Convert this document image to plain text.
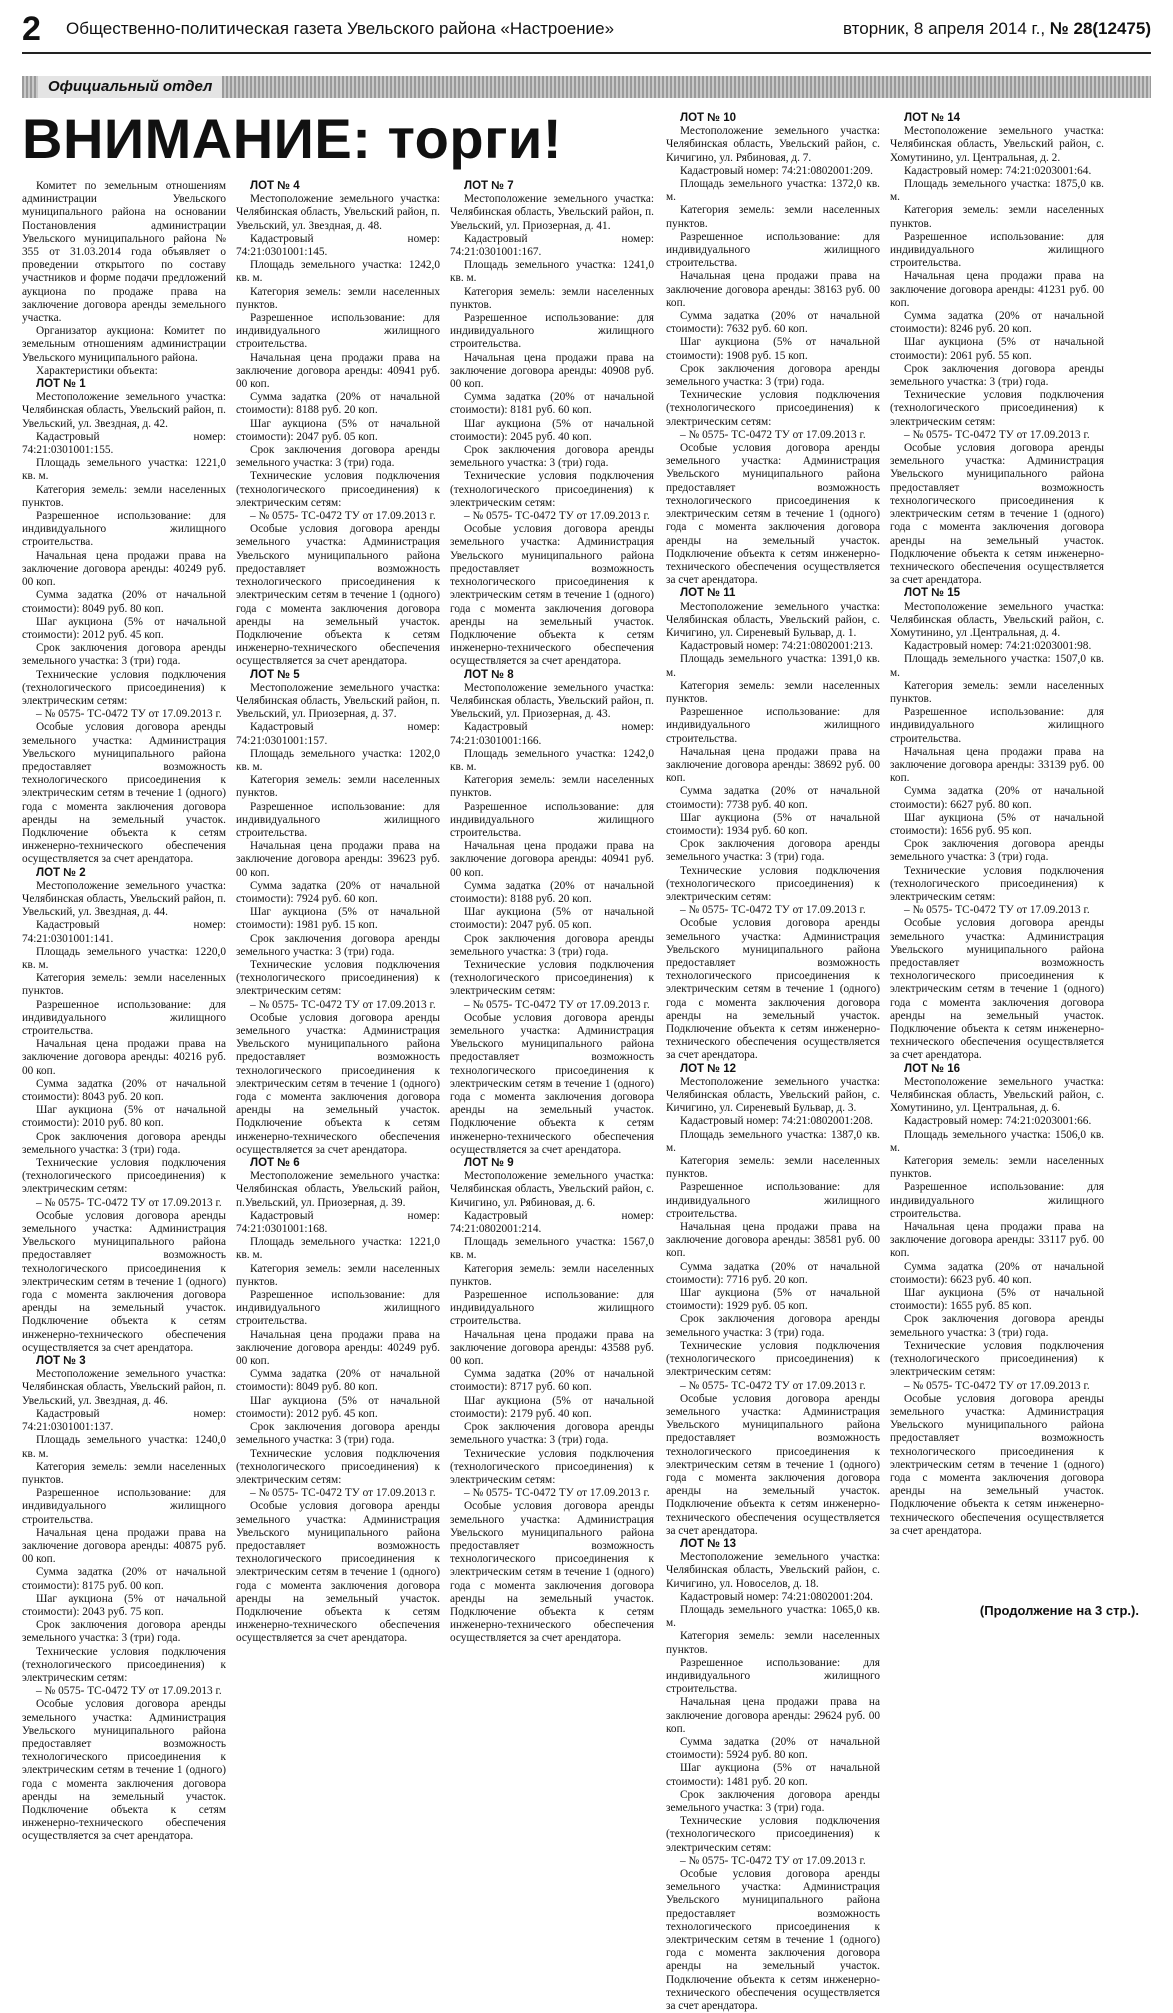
2	Общественно-политическая газета Увельского района «Настроение»	вторник, 8 апреля 2014 г., № 28(12475)
Официальный отдел
ВНИМАНИЕ: торги!

Комитет по земельным отношениям администрации Увельского муниципального района на основании Постановления администрации Увельского муниципального района № 355 от 31.03.2014 года объявляет о проведении открытого по составу участников и форме подачи предложений аукциона по продаже права на заключение договора аренды земельного участка.

Организатор аукциона: Комитет по земельным отношениям администрации Увельского муниципального района.

Характеристики объекта:

ЛОТ № 1

Местоположение земельного участка: Челябинская область, Увельский район, п. Увельский, ул. Звездная, д. 42.

Кадастровый номер: 74:21:0301001:155.

Площадь земельного участка: 1221,0 кв. м.

Категория земель: земли населенных пунктов.

Разрешенное использование: для индивидуального жилищного строительства.

Начальная цена продажи права на заключение договора аренды: 40249 руб. 00 коп.

Сумма задатка (20% от начальной стоимости): 8049 руб. 80 коп.

Шаг аукциона (5% от начальной стоимости): 2012 руб. 45 коп.

Срок заключения договора аренды земельного участка: 3 (три) года.

Технические условия подключения (технологического присоединения) к электрическим сетям:

– № 0575- ТС-0472 ТУ от 17.09.2013 г.

Особые условия договора аренды земельного участка: Администрация Увельского муниципального района предоставляет возможность технологического присоединения к электрическим сетям в течение 1 (одного) года с момента заключения договора аренды на земельный участок. Подключение объекта к сетям инженерно-технического обеспечения осуществляется за счет арендатора.

ЛОТ № 2

Местоположение земельного участка: Челябинская область, Увельский район, п. Увельский, ул. Звездная, д. 44.

Кадастровый номер: 74:21:0301001:141.

Площадь земельного участка: 1220,0 кв. м.

Категория земель: земли населенных пунктов.

Разрешенное использование: для индивидуального жилищного строительства.

Начальная цена продажи права на заключение договора аренды: 40216 руб. 00 коп.

Сумма задатка (20% от начальной стоимости): 8043 руб. 20 коп.

Шаг аукциона (5% от начальной стоимости): 2010 руб. 80 коп.

Срок заключения договора аренды земельного участка: 3 (три) года.

Технические условия подключения (технологического присоединения) к электрическим сетям:

– № 0575- ТС-0472 ТУ от 17.09.2013 г.

Особые условия договора аренды земельного участка: Администрация Увельского муниципального района предоставляет возможность технологического присоединения к электрическим сетям в течение 1 (одного) года с момента заключения договора аренды на земельный участок. Подключение объекта к сетям инженерно-технического обеспечения осуществляется за счет арендатора.

ЛОТ № 3

Местоположение земельного участка: Челябинская область, Увельский район, п. Увельский, ул. Звездная, д. 46.

Кадастровый номер: 74:21:0301001:137.

Площадь земельного участка: 1240,0 кв. м.

Категория земель: земли населенных пунктов.

Разрешенное использование: для индивидуального жилищного строительства.

Начальная цена продажи права на заключение договора аренды: 40875 руб. 00 коп.

Сумма задатка (20% от начальной стоимости): 8175 руб. 00 коп.

Шаг аукциона (5% от начальной стоимости): 2043 руб. 75 коп.

Срок заключения договора аренды земельного участка: 3 (три) года.

Технические условия подключения (технологического присоединения) к электрическим сетям:

– № 0575- ТС-0472 ТУ от 17.09.2013 г.

Особые условия договора аренды земельного участка: Администрация Увельского муниципального района предоставляет возможность технологического присоединения к электрическим сетям в течение 1 (одного) года с момента заключения договора аренды на земельный участок. Подключение объекта к сетям инженерно-технического обеспечения осуществляется за счет арендатора.

ЛОТ № 4

Местоположение земельного участка: Челябинская область, Увельский район, п. Увельский, ул. Звездная, д. 48.

Кадастровый номер: 74:21:0301001:145.

Площадь земельного участка: 1242,0 кв. м.

Категория земель: земли населенных пунктов.

Разрешенное использование: для индивидуального жилищного строительства.

Начальная цена продажи права на заключение договора аренды: 40941 руб. 00 коп.

Сумма задатка (20% от начальной стоимости): 8188 руб. 20 коп.

Шаг аукциона (5% от начальной стоимости): 2047 руб. 05 коп.

Срок заключения договора аренды земельного участка: 3 (три) года.

Технические условия подключения (технологического присоединения) к электрическим сетям:

– № 0575- ТС-0472 ТУ от 17.09.2013 г.

Особые условия договора аренды земельного участка: Администрация Увельского муниципального района предоставляет возможность технологического присоединения к электрическим сетям в течение 1 (одного) года с момента заключения договора аренды на земельный участок. Подключение объекта к сетям инженерно-технического обеспечения осуществляется за счет арендатора.

ЛОТ № 5

Местоположение земельного участка: Челябинская область, Увельский район, п. Увельский, ул. Приозерная, д. 37.

Кадастровый номер: 74:21:0301001:157.

Площадь земельного участка: 1202,0 кв. м.

Категория земель: земли населенных пунктов.

Разрешенное использование: для индивидуального жилищного строительства.

Начальная цена продажи права на заключение договора аренды: 39623 руб. 00 коп.

Сумма задатка (20% от начальной стоимости): 7924 руб. 60 коп.

Шаг аукциона (5% от начальной стоимости): 1981 руб. 15 коп.

Срок заключения договора аренды земельного участка: 3 (три) года.

Технические условия подключения (технологического присоединения) к электрическим сетям:

– № 0575- ТС-0472 ТУ от 17.09.2013 г.

Особые условия договора аренды земельного участка: Администрация Увельского муниципального района предоставляет возможность технологического присоединения к электрическим сетям в течение 1 (одного) года с момента заключения договора аренды на земельный участок. Подключение объекта к сетям инженерно-технического обеспечения осуществляется за счет арендатора.

ЛОТ № 6

Местоположение земельного участка: Челябинская область, Увельский район, п.Увельский, ул. Приозерная, д. 39.

Кадастровый номер: 74:21:0301001:168.

Площадь земельного участка: 1221,0 кв. м.

Категория земель: земли населенных пунктов.

Разрешенное использование: для индивидуального жилищного строительства.

Начальная цена продажи права на заключение договора аренды: 40249 руб. 00 коп.

Сумма задатка (20% от начальной стоимости): 8049 руб. 80 коп.

Шаг аукциона (5% от начальной стоимости): 2012 руб. 45 коп.

Срок заключения договора аренды земельного участка: 3 (три) года.

Технические условия подключения (технологического присоединения) к электрическим сетям:

– № 0575- ТС-0472 ТУ от 17.09.2013 г.

Особые условия договора аренды земельного участка: Администрация Увельского муниципального района предоставляет возможность технологического присоединения к электрическим сетям в течение 1 (одного) года с момента заключения договора аренды на земельный участок. Подключение объекта к сетям инженерно-технического обеспечения осуществляется за счет арендатора.

ЛОТ № 7

Местоположение земельного участка: Челябинская область, Увельский район, п. Увельский, ул. Приозерная, д. 41.

Кадастровый номер: 74:21:0301001:167.

Площадь земельного участка: 1241,0 кв. м.

Категория земель: земли населенных пунктов.

Разрешенное использование: для индивидуального жилищного строительства.

Начальная цена продажи права на заключение договора аренды: 40908 руб. 00 коп.

Сумма задатка (20% от начальной стоимости): 8181 руб. 60 коп.

Шаг аукциона (5% от начальной стоимости): 2045 руб. 40 коп.

Срок заключения договора аренды земельного участка: 3 (три) года.

Технические условия подключения (технологического присоединения) к электрическим сетям:

– № 0575- ТС-0472 ТУ от 17.09.2013 г.

Особые условия договора аренды земельного участка: Администрация Увельского муниципального района предоставляет возможность технологического присоединения к электрическим сетям в течение 1 (одного) года с момента заключения договора аренды на земельный участок. Подключение объекта к сетям инженерно-технического обеспечения осуществляется за счет арендатора.

ЛОТ № 8

Местоположение земельного участка: Челябинская область, Увельский район, п. Увельский, ул. Приозерная, д. 43.

Кадастровый номер: 74:21:0301001:166.

Площадь земельного участка: 1242,0 кв. м.

Категория земель: земли населенных пунктов.

Разрешенное использование: для индивидуального жилищного строительства.

Начальная цена продажи права на заключение договора аренды: 40941 руб. 00 коп.

Сумма задатка (20% от начальной стоимости): 8188 руб. 20 коп.

Шаг аукциона (5% от начальной стоимости): 2047 руб. 05 коп.

Срок заключения договора аренды земельного участка: 3 (три) года.

Технические условия подключения (технологического присоединения) к электрическим сетям:

– № 0575- ТС-0472 ТУ от 17.09.2013 г.

Особые условия договора аренды земельного участка: Администрация Увельского муниципального района предоставляет возможность технологического присоединения к электрическим сетям в течение 1 (одного) года с момента заключения договора аренды на земельный участок. Подключение объекта к сетям инженерно-технического обеспечения осуществляется за счет арендатора.

ЛОТ № 9

Местоположение земельного участка: Челябинская область, Увельский район, с. Кичигино, ул. Рябиновая, д. 6.

Кадастровый номер: 74:21:0802001:214.

Площадь земельного участка: 1567,0 кв. м.

Категория земель: земли населенных пунктов.

Разрешенное использование: для индивидуального жилищного строительства.

Начальная цена продажи права на заключение договора аренды: 43588 руб. 00 коп.

Сумма задатка (20% от начальной стоимости): 8717 руб. 60 коп.

Шаг аукциона (5% от начальной стоимости): 2179 руб. 40 коп.

Срок заключения договора аренды земельного участка: 3 (три) года.

Технические условия подключения (технологического присоединения) к электрическим сетям:

– № 0575- ТС-0472 ТУ от 17.09.2013 г.

Особые условия договора аренды земельного участка: Администрация Увельского муниципального района предоставляет возможность технологического присоединения к электрическим сетям в течение 1 (одного) года с момента заключения договора аренды на земельный участок. Подключение объекта к сетям инженерно-технического обеспечения осуществляется за счет арендатора.

ЛОТ № 10

Местоположение земельного участка: Челябинская область, Увельский район, с. Кичигино, ул. Рябиновая, д. 7.

Кадастровый номер: 74:21:0802001:209.

Площадь земельного участка: 1372,0 кв. м.

Категория земель: земли населенных пунктов.

Разрешенное использование: для индивидуального жилищного строительства.

Начальная цена продажи права на заключение договора аренды: 38163 руб. 00 коп.

Сумма задатка (20% от начальной стоимости): 7632 руб. 60 коп.

Шаг аукциона (5% от начальной стоимости): 1908 руб. 15 коп.

Срок заключения договора аренды земельного участка: 3 (три) года.

Технические условия подключения (технологического присоединения) к электрическим сетям:

– № 0575- ТС-0472 ТУ от 17.09.2013 г.

Особые условия договора аренды земельного участка: Администрация Увельского муниципального района предоставляет возможность технологического присоединения к электрическим сетям в течение 1 (одного) года с момента заключения договора аренды на земельный участок. Подключение объекта к сетям инженерно-технического обеспечения осуществляется за счет арендатора.

ЛОТ № 11

Местоположение земельного участка: Челябинская область, Увельский район, с. Кичигино, ул. Сиреневый Бульвар, д. 1.

Кадастровый номер: 74:21:0802001:213.

Площадь земельного участка: 1391,0 кв. м.

Категория земель: земли населенных пунктов.

Разрешенное использование: для индивидуального жилищного строительства.

Начальная цена продажи права на заключение договора аренды: 38692 руб. 00 коп.

Сумма задатка (20% от начальной стоимости): 7738 руб. 40 коп.

Шаг аукциона (5% от начальной стоимости): 1934 руб. 60 коп.

Срок заключения договора аренды земельного участка: 3 (три) года.

Технические условия подключения (технологического присоединения) к электрическим сетям:

– № 0575- ТС-0472 ТУ от 17.09.2013 г.

Особые условия договора аренды земельного участка: Администрация Увельского муниципального района предоставляет возможность технологического присоединения к электрическим сетям в течение 1 (одного) года с момента заключения договора аренды на земельный участок. Подключение объекта к сетям инженерно-технического обеспечения осуществляется за счет арендатора.

ЛОТ № 12

Местоположение земельного участка: Челябинская область, Увельский район, с. Кичигино, ул. Сиреневый Бульвар, д. 3.

Кадастровый номер: 74:21:0802001:208.

Площадь земельного участка: 1387,0 кв. м.

Категория земель: земли населенных пунктов.

Разрешенное использование: для индивидуального жилищного строительства.

Начальная цена продажи права на заключение договора аренды: 38581 руб. 00 коп.

Сумма задатка (20% от начальной стоимости): 7716 руб. 20 коп.

Шаг аукциона (5% от начальной стоимости): 1929 руб. 05 коп.

Срок заключения договора аренды земельного участка: 3 (три) года.

Технические условия подключения (технологического присоединения) к электрическим сетям:

– № 0575- ТС-0472 ТУ от 17.09.2013 г.

Особые условия договора аренды земельного участка: Администрация Увельского муниципального района предоставляет возможность технологического присоединения к электрическим сетям в течение 1 (одного) года с момента заключения договора аренды на земельный участок. Подключение объекта к сетям инженерно-технического обеспечения осуществляется за счет арендатора.

ЛОТ № 13

Местоположение земельного участка: Челябинская область, Увельский район, с. Кичигино, ул. Новоселов, д. 18.

Кадастровый номер: 74:21:0802001:204.

Площадь земельного участка: 1065,0 кв. м.

Категория земель: земли населенных пунктов.

Разрешенное использование: для индивидуального жилищного строительства.

Начальная цена продажи права на заключение договора аренды: 29624 руб. 00 коп.

Сумма задатка (20% от начальной стоимости): 5924 руб. 80 коп.

Шаг аукциона (5% от начальной стоимости): 1481 руб. 20 коп.

Срок заключения договора аренды земельного участка: 3 (три) года.

Технические условия подключения (технологического присоединения) к электрическим сетям:

– № 0575- ТС-0472 ТУ от 17.09.2013 г.

Особые условия договора аренды земельного участка: Администрация Увельского муниципального района предоставляет возможность технологического присоединения к электрическим сетям в течение 1 (одного) года с момента заключения договора аренды на земельный участок. Подключение объекта к сетям инженерно-технического обеспечения осуществляется за счет арендатора.

ЛОТ № 14

Местоположение земельного участка: Челябинская область, Увельский район, с. Хомутинино, ул. Центральная, д. 2.

Кадастровый номер: 74:21:0203001:64.

Площадь земельного участка: 1875,0 кв. м.

Категория земель: земли населенных пунктов.

Разрешенное использование: для индивидуального жилищного строительства.

Начальная цена продажи права на заключение договора аренды: 41231 руб. 00 коп.

Сумма задатка (20% от начальной стоимости): 8246 руб. 20 коп.

Шаг аукциона (5% от начальной стоимости): 2061 руб. 55 коп.

Срок заключения договора аренды земельного участка: 3 (три) года.

Технические условия подключения (технологического присоединения) к электрическим сетям:

– № 0575- ТС-0472 ТУ от 17.09.2013 г.

Особые условия договора аренды земельного участка: Администрация Увельского муниципального района предоставляет возможность технологического присоединения к электрическим сетям в течение 1 (одного) года с момента заключения договора аренды на земельный участок. Подключение объекта к сетям инженерно-технического обеспечения осуществляется за счет арендатора.

ЛОТ № 15

Местоположение земельного участка: Челябинская область, Увельский район, с. Хомутинино, ул .Центральная, д. 4.

Кадастровый номер: 74:21:0203001:98.

Площадь земельного участка: 1507,0 кв. м.

Категория земель: земли населенных пунктов.

Разрешенное использование: для индивидуального жилищного строительства.

Начальная цена продажи права на заключение договора аренды: 33139 руб. 00 коп.

Сумма задатка (20% от начальной стоимости): 6627 руб. 80 коп.

Шаг аукциона (5% от начальной стоимости): 1656 руб. 95 коп.

Срок заключения договора аренды земельного участка: 3 (три) года.

Технические условия подключения (технологического присоединения) к электрическим сетям:

– № 0575- ТС-0472 ТУ от 17.09.2013 г.

Особые условия договора аренды земельного участка: Администрация Увельского муниципального района предоставляет возможность технологического присоединения к электрическим сетям в течение 1 (одного) года с момента заключения договора аренды на земельный участок. Подключение объекта к сетям инженерно-технического обеспечения осуществляется за счет арендатора.

ЛОТ № 16

Местоположение земельного участка: Челябинская область, Увельский район, с. Хомутинино, ул. Центральная, д. 6.

Кадастровый номер: 74:21:0203001:66.

Площадь земельного участка: 1506,0 кв. м.

Категория земель: земли населенных пунктов.

Разрешенное использование: для индивидуального жилищного строительства.

Начальная цена продажи права на заключение договора аренды: 33117 руб. 00 коп.

Сумма задатка (20% от начальной стоимости): 6623 руб. 40 коп.

Шаг аукциона (5% от начальной стоимости): 1655 руб. 85 коп.

Срок заключения договора аренды земельного участка: 3 (три) года.

Технические условия подключения (технологического присоединения) к электрическим сетям:

– № 0575- ТС-0472 ТУ от 17.09.2013 г.

Особые условия договора аренды земельного участка: Администрация Увельского муниципального района предоставляет возможность технологического присоединения к электрическим сетям в течение 1 (одного) года с момента заключения договора аренды на земельный участок. Подключение объекта к сетям инженерно-технического обеспечения осуществляется за счет арендатора.

(Продолжение на 3 стр.).
